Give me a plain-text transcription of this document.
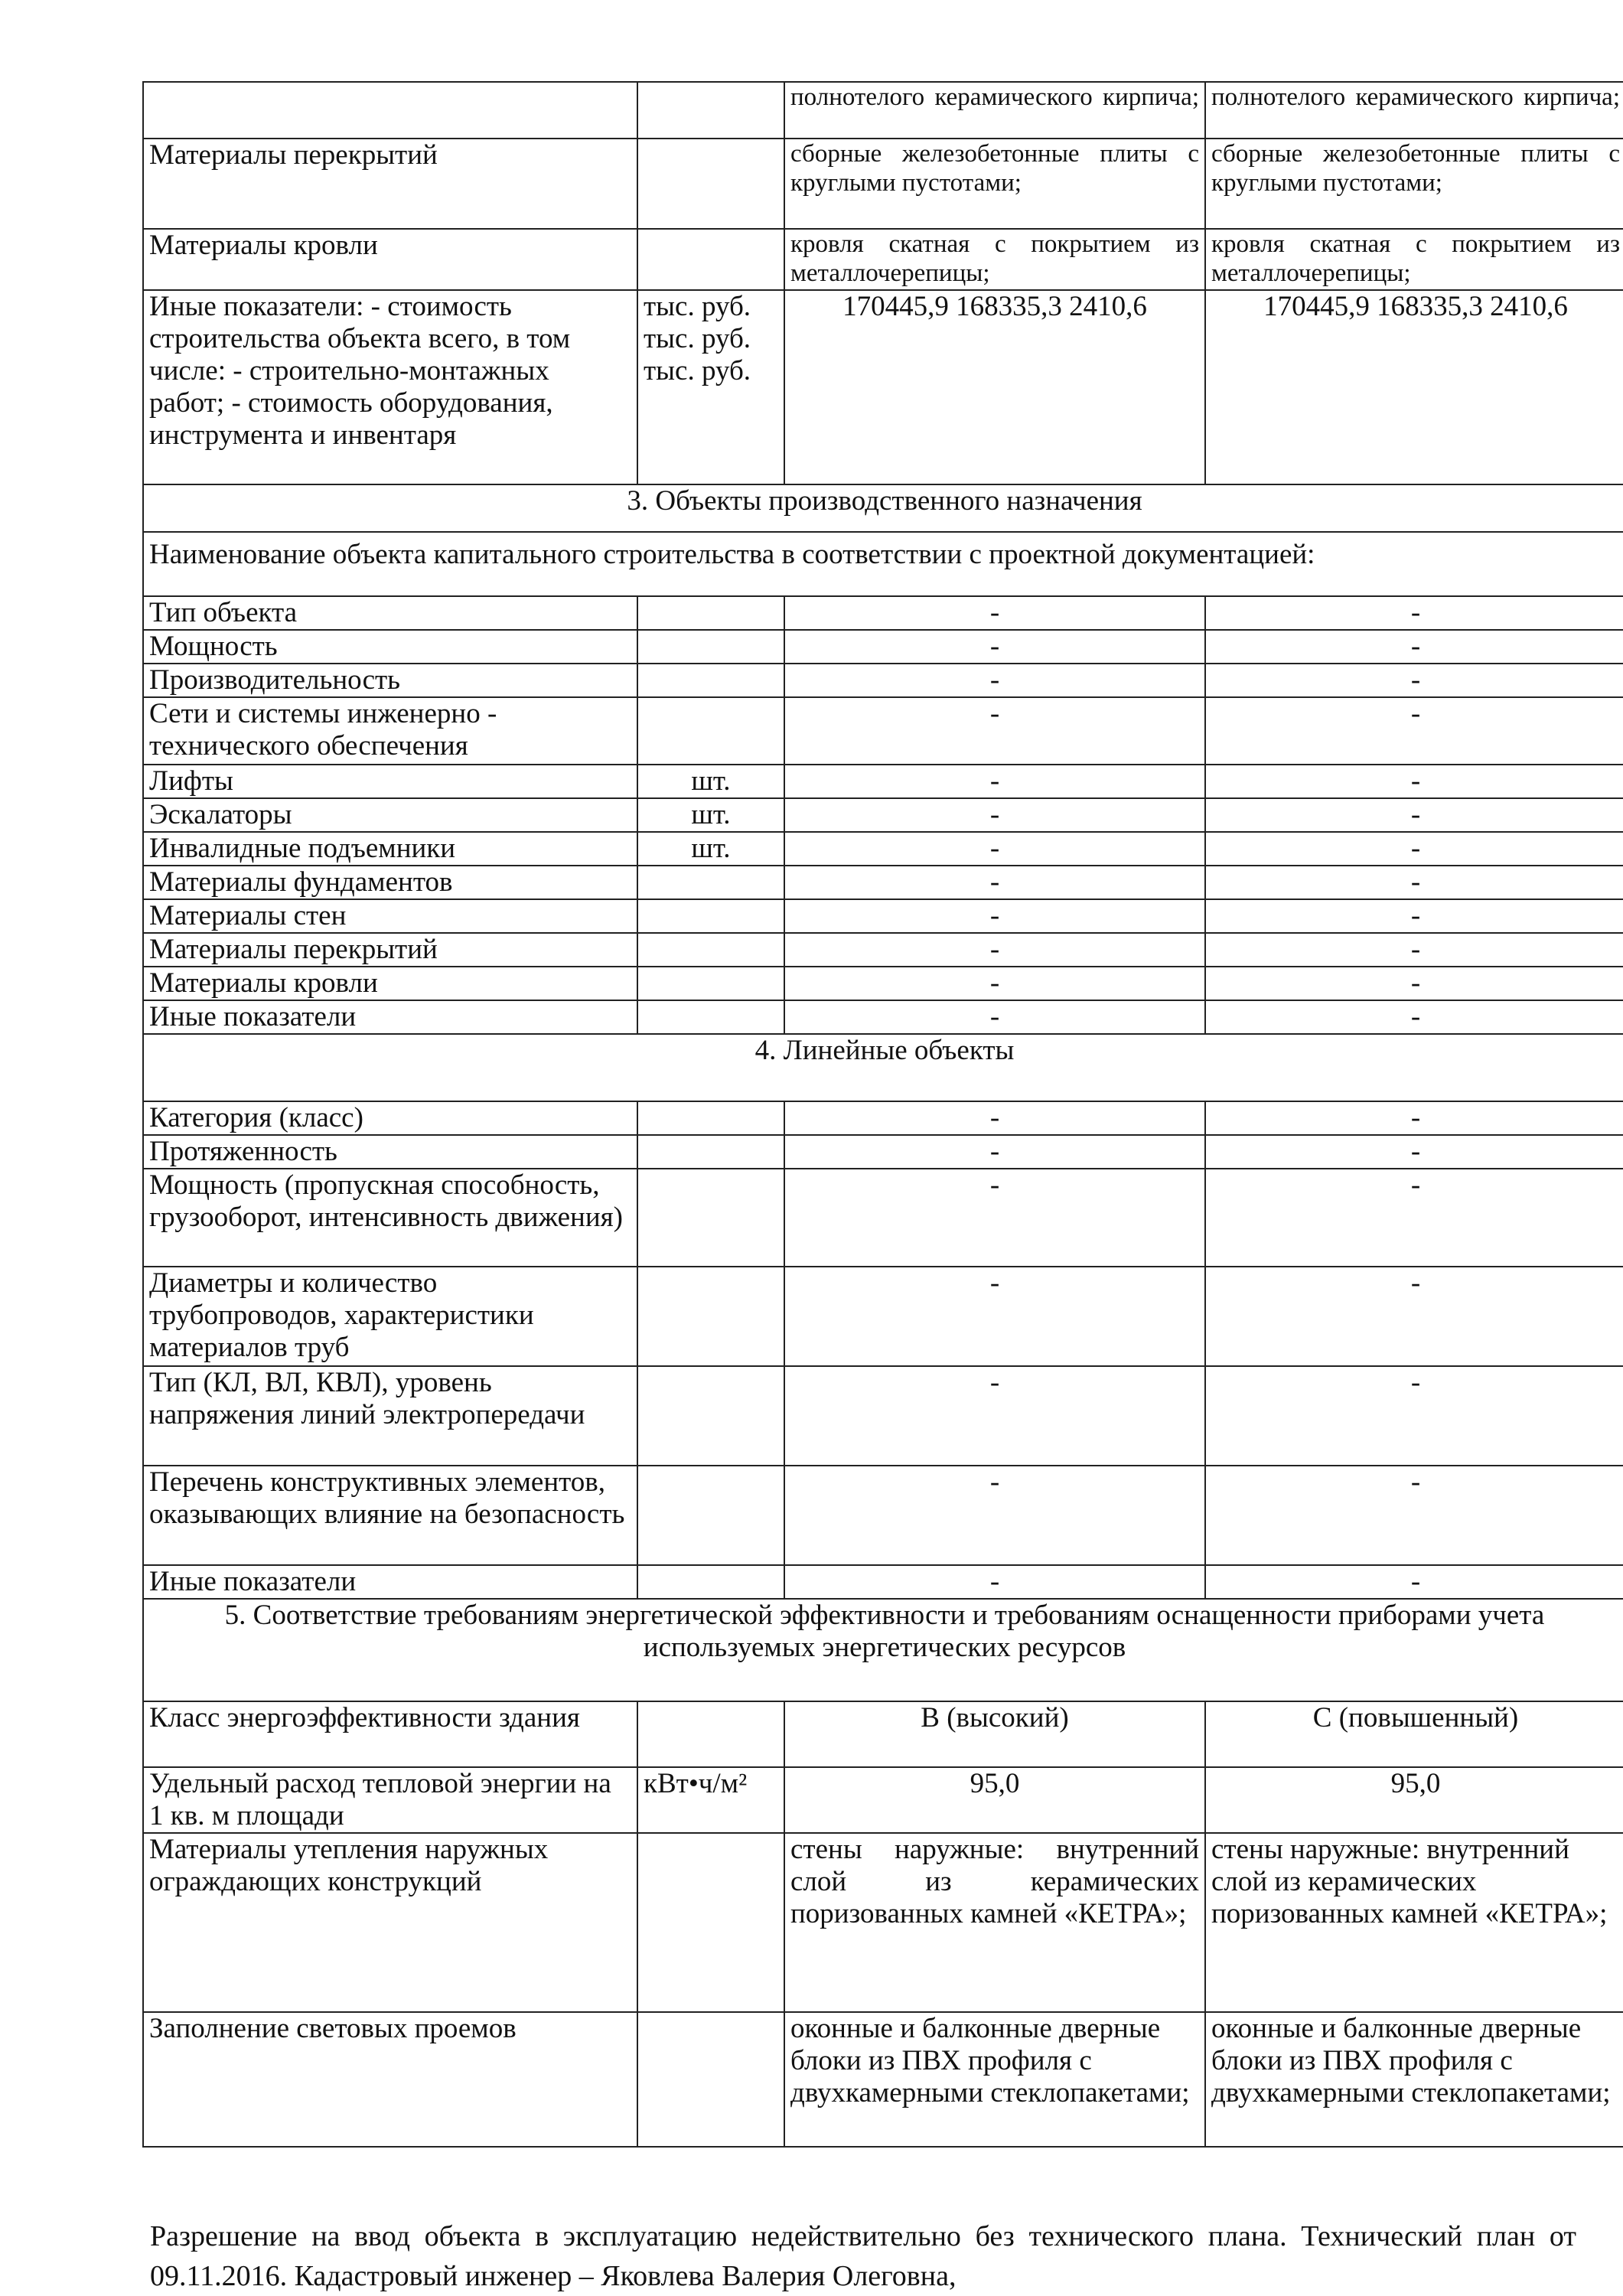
		полнотелого керамического кирпича;	полнотелого керамического кирпича;
Материалы перекрытий		сборные железобетонные плиты с круглыми пустотами;	сборные железобетонные плиты с круглыми пустотами;
Материалы кровли		кровля скатная с покрытием из металлочерепицы;	кровля скатная с покрытием из металлочерепицы;
Иные показатели: - стоимость строительства объекта всего, в том числе: - строительно-монтажных работ; - стоимость оборудования, инструмента и инвентаря	тыс. руб. тыс. руб. тыс. руб.	170445,9 168335,3 2410,6	170445,9 168335,3 2410,6
3. Объекты производственного назначения			
Наименование объекта капитального строительства в соответствии с проектной документацией:			
Тип объекта		-	-
Мощность		-	-
Производительность		-	-
Сети и системы инженерно - технического обеспечения		-	-
Лифты	шт.	-	-
Эскалаторы	шт.	-	-
Инвалидные подъемники	шт.	-	-
Материалы фундаментов		-	-
Материалы стен		-	-
Материалы перекрытий		-	-
Материалы кровли		-	-
Иные показатели		-	-
4. Линейные объекты			
Категория (класс)		-	-
Протяженность		-	-
Мощность (пропускная способность, грузооборот, интенсивность движения)		-	-
Диаметры и количество трубопроводов, характеристики материалов труб		-	-
Тип (КЛ, ВЛ, КВЛ), уровень напряжения линий электропередачи		-	-
Перечень конструктивных элементов, оказывающих влияние на безопасность		-	-
Иные показатели		-	-
5. Соответствие требованиям энергетической эффективности и требованиям оснащенности приборами учета используемых энергетических ресурсов			
Класс энергоэффективности здания		В (высокий)	С (повышенный)
Удельный расход тепловой энергии на 1 кв. м площади	кВт•ч/м²	95,0	95,0
Материалы утепления наружных ограждающих конструкций		стены наружные: внутренний слой из керамических поризованных камней «КЕТРА»;	стены наружные: внутренний слой из керамических поризованных камней «КЕТРА»;
Заполнение световых проемов		оконные и балконные дверные блоки из ПВХ профиля с двухкамерными стеклопакетами;	оконные и балконные дверные блоки из ПВХ профиля с двухкамерными стеклопакетами;

Разрешение на ввод объекта в эксплуатацию недействительно без технического плана. Технический план от 09.11.2016. Кадастровый инженер – Яковлева Валерия Олеговна,
